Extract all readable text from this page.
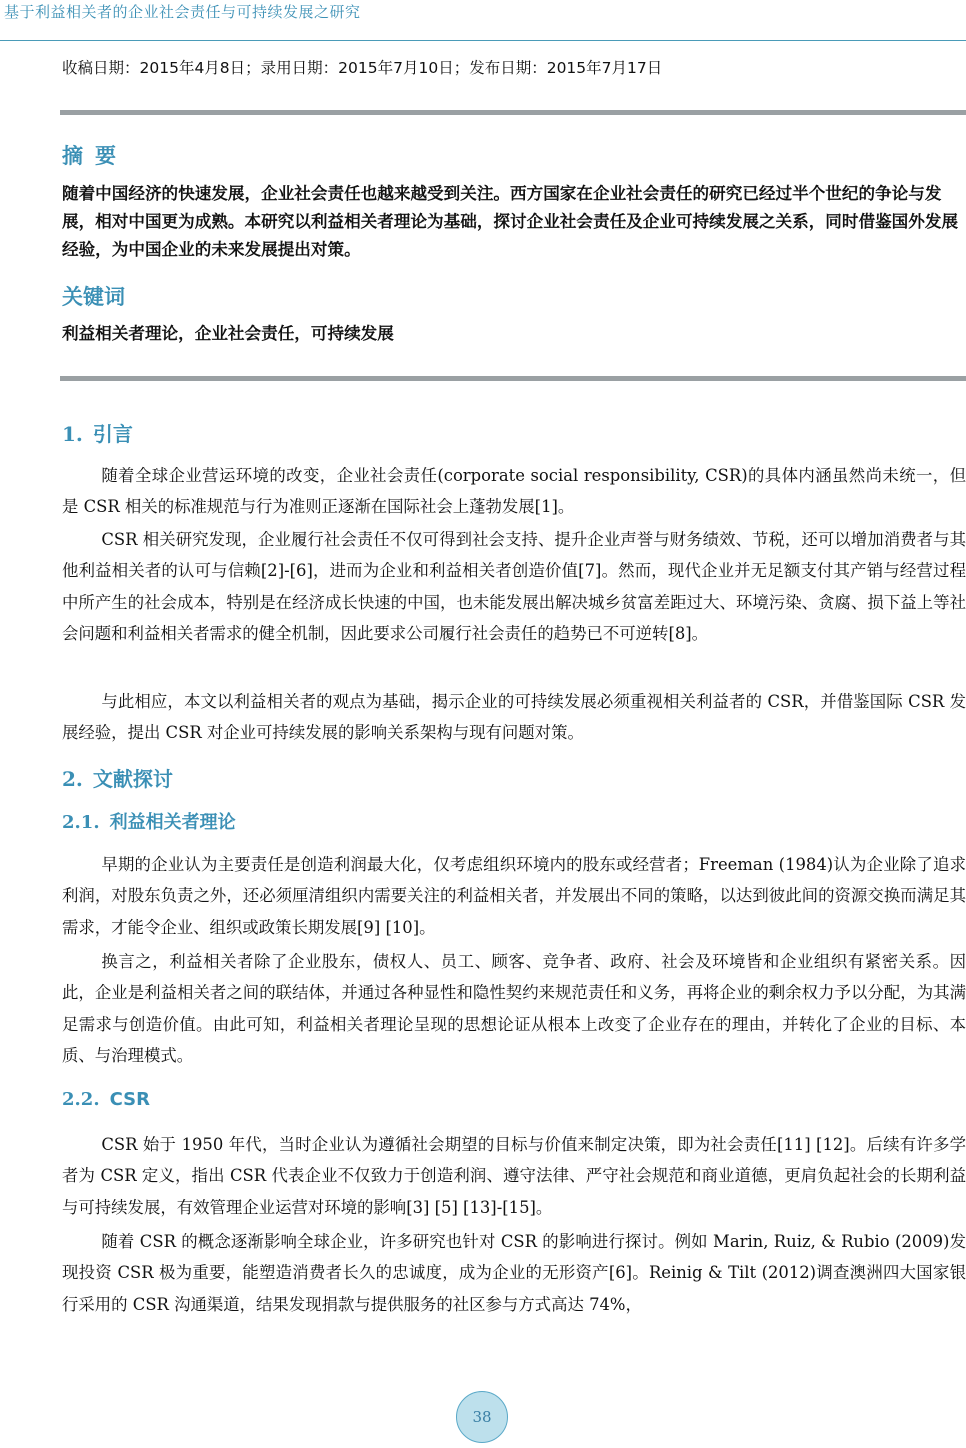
基于利益相关者的企业社会责任与可持续发展之研究
收稿日期：2015年4月8日；录用日期：2015年7月10日；发布日期：2015年7月17日
摘要
随着中国经济的快速发展，企业社会责任也越来越受到关注。西方国家在企业社会责任的研究已经过半个世纪的争论与发展，相对中国更为成熟。本研究以利益相关者理论为基础，探讨企业社会责任及企业可持续发展之关系，同时借鉴国外发展经验，为中国企业的未来发展提出对策。
关键词
利益相关者理论，企业社会责任，可持续发展
1. 引言

随着全球企业营运环境的改变，企业社会责任(corporate social responsibility, CSR)的具体内涵虽然尚未统一，但是 CSR 相关的标准规范与行为准则正逐渐在国际社会上蓬勃发展[1]。

CSR 相关研究发现，企业履行社会责任不仅可得到社会支持、提升企业声誉与财务绩效、节税，还可以增加消费者与其他利益相关者的认可与信赖[2]-[6]，进而为企业和利益相关者创造价值[7]。然而，现代企业并无足额支付其产销与经营过程中所产生的社会成本，特别是在经济成长快速的中国，也未能发展出解决城乡贫富差距过大、环境污染、贪腐、损下益上等社会问题和利益相关者需求的健全机制，因此要求公司履行社会责任的趋势已不可逆转[8]。

与此相应，本文以利益相关者的观点为基础，揭示企业的可持续发展必须重视相关利益者的 CSR，并借鉴国际 CSR 发展经验，提出 CSR 对企业可持续发展的影响关系架构与现有问题对策。

2. 文献探讨
2.1. 利益相关者理论

早期的企业认为主要责任是创造利润最大化，仅考虑组织环境内的股东或经营者；Freeman (1984)认为企业除了追求利润，对股东负责之外，还必须厘清组织内需要关注的利益相关者，并发展出不同的策略，以达到彼此间的资源交换而满足其需求，才能令企业、组织或政策长期发展[9] [10]。

换言之，利益相关者除了企业股东，债权人、员工、顾客、竞争者、政府、社会及环境皆和企业组织有紧密关系。因此，企业是利益相关者之间的联结体，并通过各种显性和隐性契约来规范责任和义务，再将企业的剩余权力予以分配，为其满足需求与创造价值。由此可知，利益相关者理论呈现的思想论证从根本上改变了企业存在的理由，并转化了企业的目标、本质、与治理模式。

2.2. CSR

CSR 始于 1950 年代，当时企业认为遵循社会期望的目标与价值来制定决策，即为社会责任[11] [12]。后续有许多学者为 CSR 定义，指出 CSR 代表企业不仅致力于创造利润、遵守法律、严守社会规范和商业道德，更肩负起社会的长期利益与可持续发展，有效管理企业运营对环境的影响[3] [5] [13]-[15]。

随着 CSR 的概念逐渐影响全球企业，许多研究也针对 CSR 的影响进行探讨。例如 Marin, Ruiz, & Rubio (2009)发现投资 CSR 极为重要，能塑造消费者长久的忠诚度，成为企业的无形资产[6]。Reinig & Tilt (2012)调查澳洲四大国家银行采用的 CSR 沟通渠道，结果发现捐款与提供服务的社区参与方式高达 74%，

38
